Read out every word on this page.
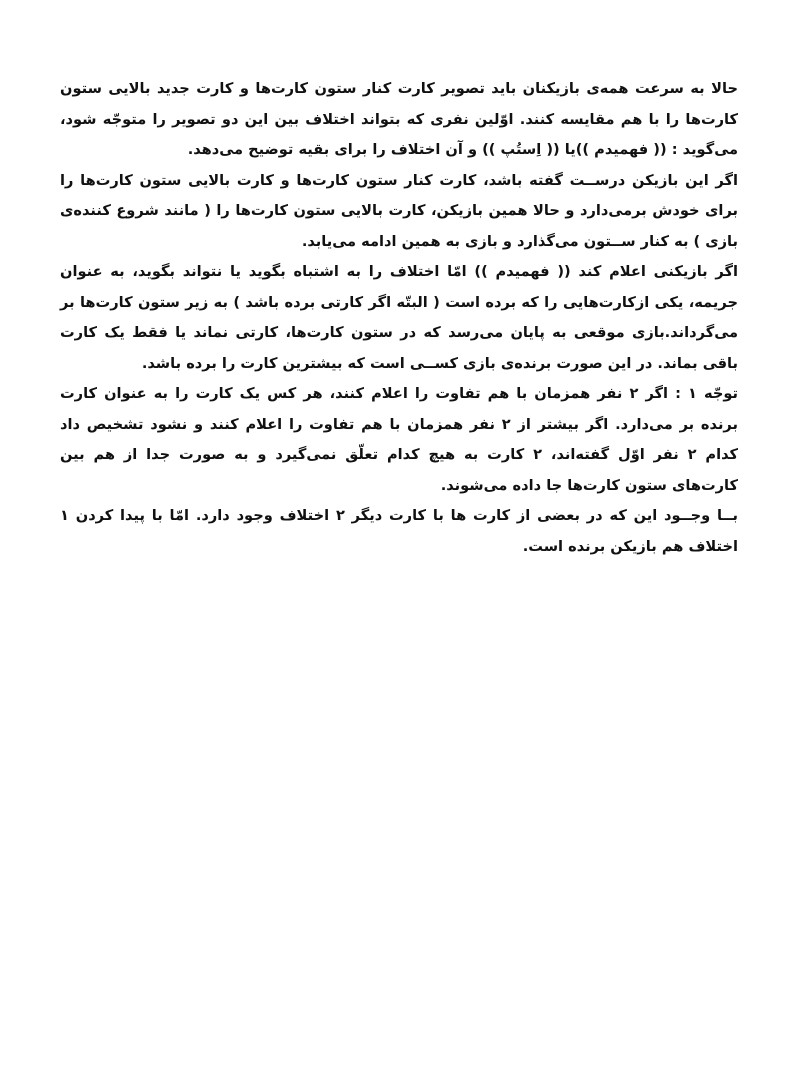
حالا به سرعت همه‌ی بازیکنان باید تصویر کارت کنار ستون کارت‌ها و کارت جدید بالایی ستون کارت‌ها را با هم مقایسه کنند. اوّلین نفری که بتواند اختلاف بین این دو تصویر را متوجّه شود، می‌گوید : (( فهمیدم ))یا (( اِستُپ )) و آن اختلاف را برای بقیه توضیح می‌دهد.

اگر این بازیکن درســت گفته باشد، کارت کنار ستون کارت‌ها و کارت بالایی ستون کارت‌ها را برای خودش برمی‌دارد و حالا همین بازیکن، کارت بالایی ستون کارت‌ها را ( مانند شروع کننده‌ی بازی ) به کنار ســتون می‌گذارد و بازی به همین ادامه می‌یابد.

اگر بازیکنی اعلام کند (( فهمیدم )) امّا اختلاف را به اشتباه بگوید یا نتواند بگوید، به عنوان جریمه، یکی ازکارت‌هایی را که برده است ( البتّه اگر کارتی برده باشد ) به زیر ستون کارت‌ها بر می‌گرداند.بازی موقعی به پایان می‌رسد که در ستون کارت‌ها، کارتی نماند یا فقط یک کارت باقی بماند. در این صورت برنده‌ی بازی کســی است که بیشترین کارت را برده باشد.

توجّه ۱ : اگر ۲ نفر همزمان با هم تفاوت را اعلام کنند، هر کس یک کارت را به عنوان کارت برنده بر می‌دارد. اگر بیشتر از ۲ نفر همزمان با هم تفاوت را اعلام کنند و نشود تشخیص داد کدام ۲ نفر اوّل گفته‌اند، ۲ کارت به هیچ کدام تعلّق نمی‌گیرد و به صورت جدا از هم بین کارت‌های ستون کارت‌ها جا داده می‌شوند.

بــا وجــود این که در بعضی از کارت ها با کارت دیگر ۲ اختلاف وجود دارد. امّا با پیدا کردن ۱ اختلاف هم بازیکن برنده است.
